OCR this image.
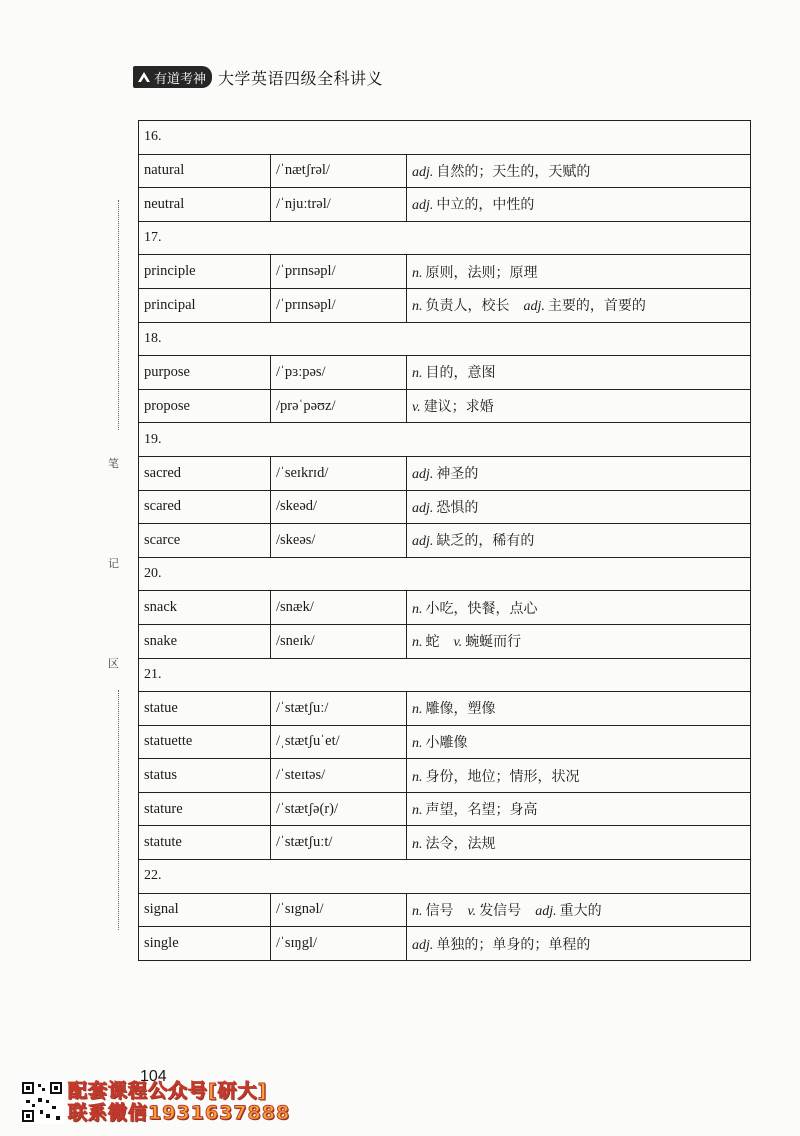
有道考神 大学英语四级全科讲义
笔
记
区
16.		
natural	/ˈnætʃrəl/	adj. 自然的；天生的，天赋的
neutral	/ˈnjuːtrəl/	adj. 中立的，中性的
17.		
principle	/ˈprɪnsəpl/	n. 原则，法则；原理
principal	/ˈprɪnsəpl/	n. 负责人，校长 adj. 主要的，首要的
18.		
purpose	/ˈpɜːpəs/	n. 目的，意图
propose	/prəˈpəʊz/	v. 建议；求婚
19.		
sacred	/ˈseɪkrɪd/	adj. 神圣的
scared	/skeəd/	adj. 恐惧的
scarce	/skeəs/	adj. 缺乏的，稀有的
20.		
snack	/snæk/	n. 小吃，快餐，点心
snake	/sneɪk/	n. 蛇 v. 蜿蜒而行
21.		
statue	/ˈstætʃuː/	n. 雕像，塑像
statuette	/ˌstætʃuˈet/	n. 小雕像
status	/ˈsteɪtəs/	n. 身份，地位；情形，状况
stature	/ˈstætʃə(r)/	n. 声望，名望；身高
statute	/ˈstætʃuːt/	n. 法令，法规
22.		
signal	/ˈsɪgnəl/	n. 信号 v. 发信号 adj. 重大的
single	/ˈsɪŋgl/	adj. 单独的；单身的；单程的
104
配套课程公众号[研大]
联系微信1931637888
